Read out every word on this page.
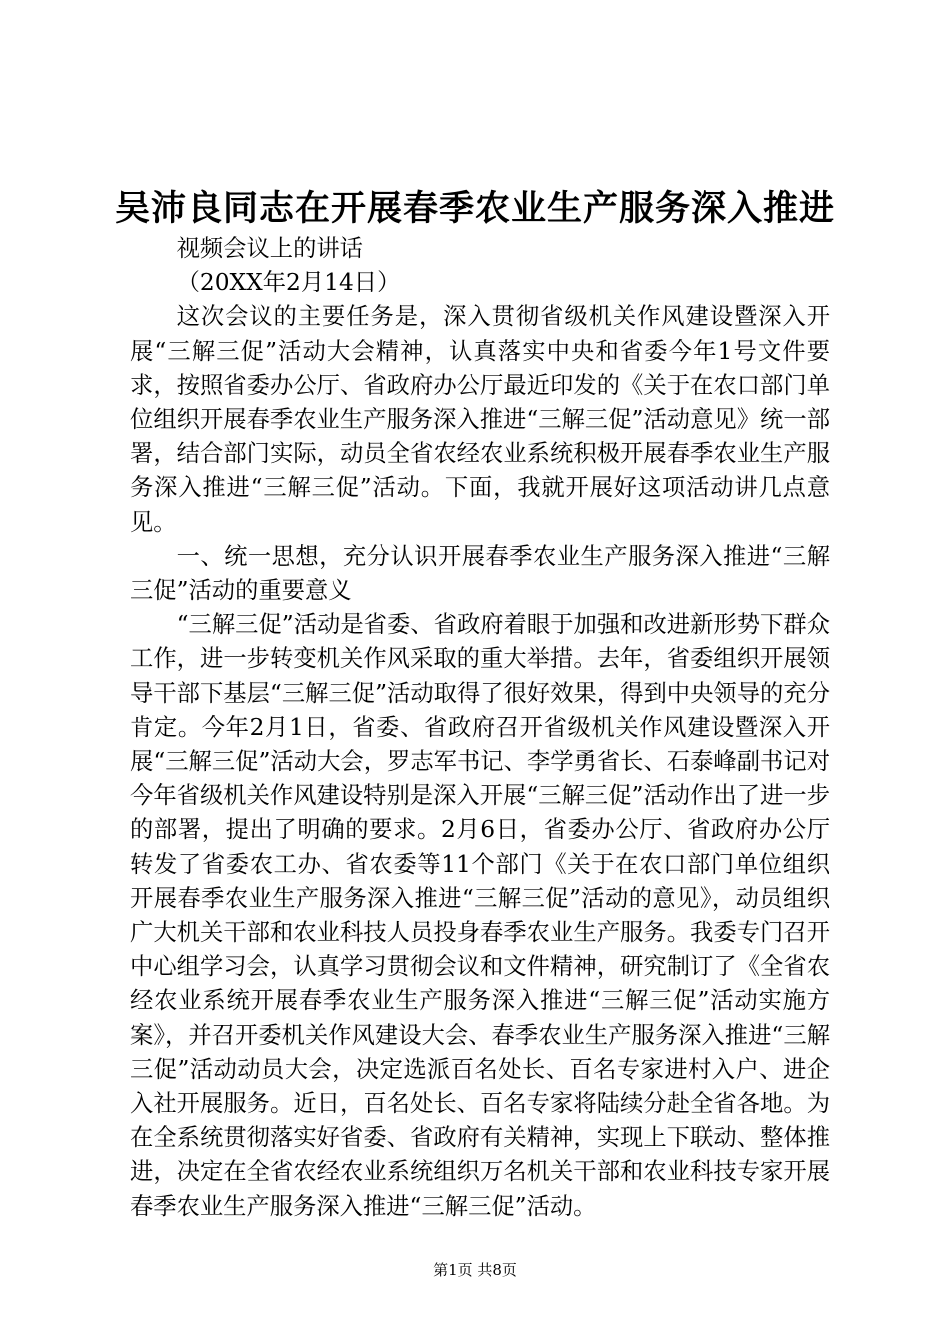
吴沛良同志在开展春季农业生产服务深入推进

视频会议上的讲话

（20XX年2月14日）

这次会议的主要任务是，深入贯彻省级机关作风建设暨深入开展“三解三促”活动大会精神，认真落实中央和省委今年1号文件要求，按照省委办公厅、省政府办公厅最近印发的《关于在农口部门单位组织开展春季农业生产服务深入推进“三解三促”活动意见》统一部署，结合部门实际，动员全省农经农业系统积极开展春季农业生产服务深入推进“三解三促”活动。下面，我就开展好这项活动讲几点意见。

一、统一思想，充分认识开展春季农业生产服务深入推进“三解三促”活动的重要意义

“三解三促”活动是省委、省政府着眼于加强和改进新形势下群众工作，进一步转变机关作风采取的重大举措。去年，省委组织开展领导干部下基层“三解三促”活动取得了很好效果，得到中央领导的充分肯定。今年2月1日，省委、省政府召开省级机关作风建设暨深入开展“三解三促”活动大会，罗志军书记、李学勇省长、石泰峰副书记对今年省级机关作风建设特别是深入开展“三解三促”活动作出了进一步的部署，提出了明确的要求。2月6日，省委办公厅、省政府办公厅转发了省委农工办、省农委等11个部门《关于在农口部门单位组织开展春季农业生产服务深入推进“三解三促”活动的意见》，动员组织广大机关干部和农业科技人员投身春季农业生产服务。我委专门召开中心组学习会，认真学习贯彻会议和文件精神，研究制订了《全省农经农业系统开展春季农业生产服务深入推进“三解三促”活动实施方案》，并召开委机关作风建设大会、春季农业生产服务深入推进“三解三促”活动动员大会，决定选派百名处长、百名专家进村入户、进企入社开展服务。近日，百名处长、百名专家将陆续分赴全省各地。为在全系统贯彻落实好省委、省政府有关精神，实现上下联动、整体推进，决定在全省农经农业系统组织万名机关干部和农业科技专家开展春季农业生产服务深入推进“三解三促”活动。

第1页 共8页
